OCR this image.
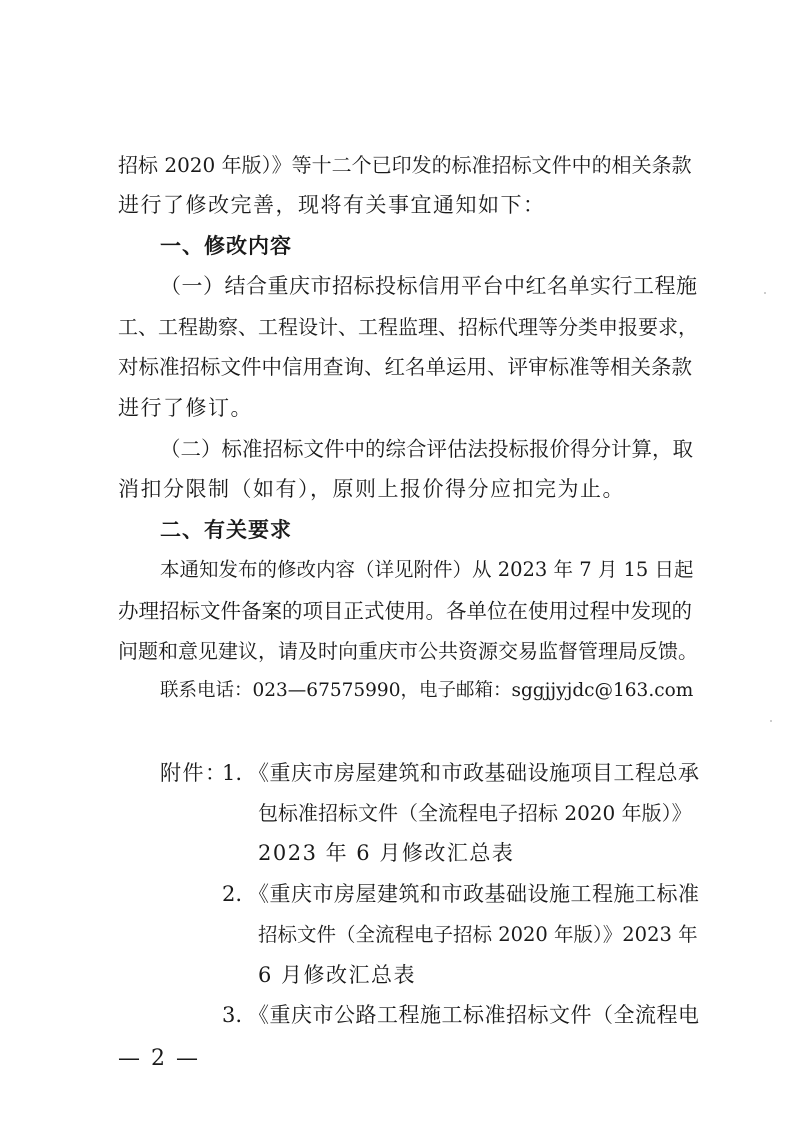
招标 2020 年版）》等十二个已印发的标准招标文件中的相关条款
进行了修改完善，现将有关事宜通知如下：
一、修改内容
（一）结合重庆市招标投标信用平台中红名单实行工程施
工、工程勘察、工程设计、工程监理、招标代理等分类申报要求，
对标准招标文件中信用查询、红名单运用、评审标准等相关条款
进行了修订。
（二）标准招标文件中的综合评估法投标报价得分计算，取
消扣分限制（如有），原则上报价得分应扣完为止。
二、有关要求
本通知发布的修改内容（详见附件）从 2023 年 7 月 15 日起
办理招标文件备案的项目正式使用。各单位在使用过程中发现的
问题和意见建议，请及时向重庆市公共资源交易监督管理局反馈。
联系电话：023—67575990，电子邮箱：sggjjyjdc@163.com
附件：
1. 《重庆市房屋建筑和市政基础设施项目工程总承
包标准招标文件（全流程电子招标 2020 年版）》
2023 年 6 月修改汇总表
2. 《重庆市房屋建筑和市政基础设施工程施工标准
招标文件（全流程电子招标 2020 年版）》2023 年
6 月修改汇总表
3. 《重庆市公路工程施工标准招标文件（全流程电
— 2 —
